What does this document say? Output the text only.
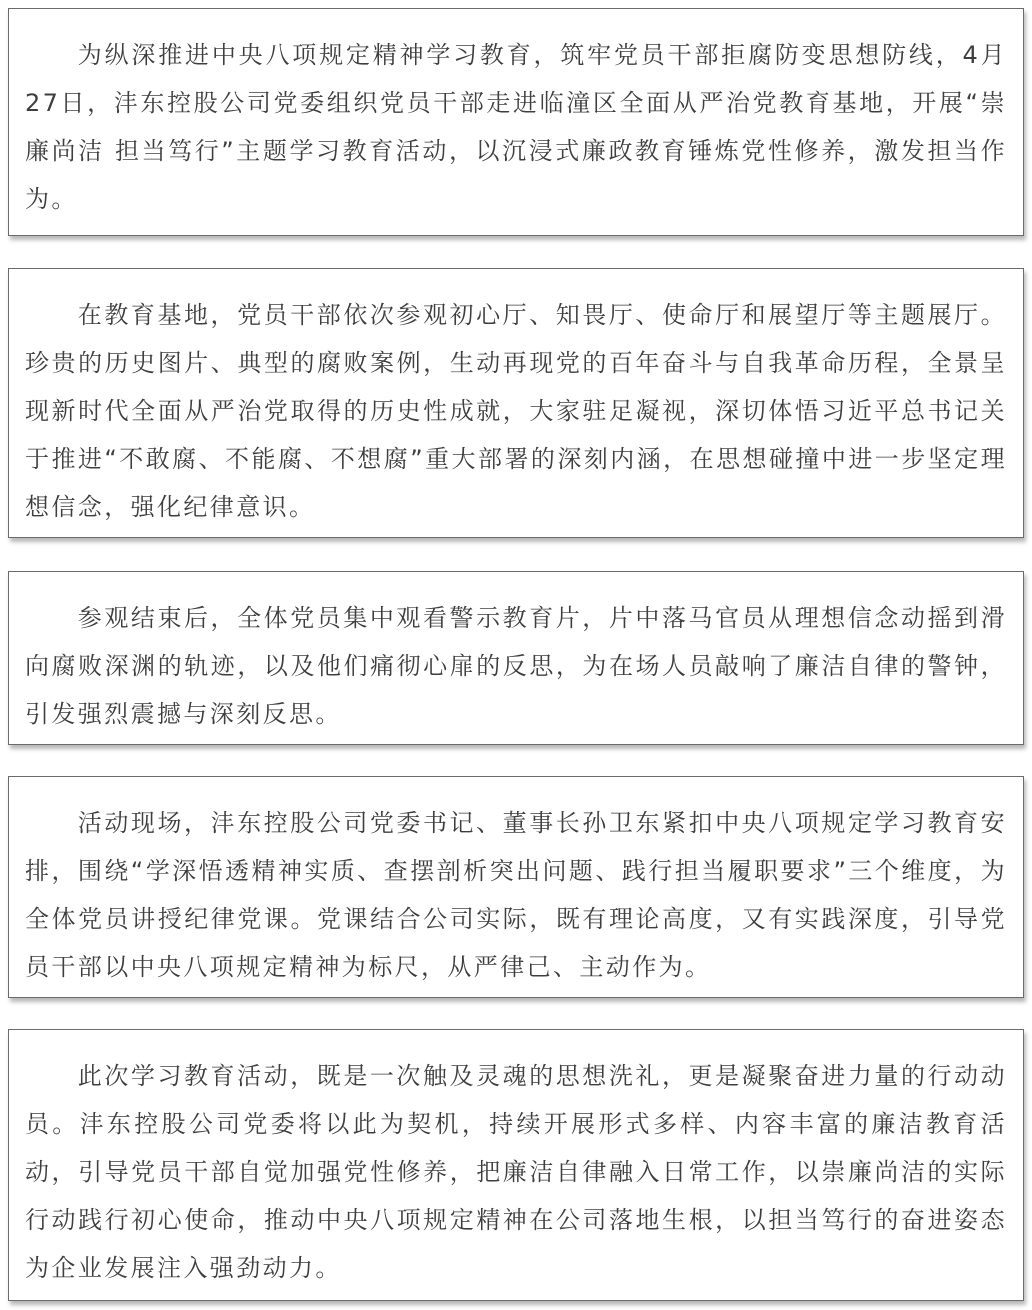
为纵深推进中央八项规定精神学习教育，筑牢党员干部拒腐防变思想防线，4月27日，沣东控股公司党委组织党员干部走进临潼区全面从严治党教育基地，开展“崇廉尚洁 担当笃行”主题学习教育活动，以沉浸式廉政教育锤炼党性修养，激发担当作为。

在教育基地，党员干部依次参观初心厅、知畏厅、使命厅和展望厅等主题展厅。珍贵的历史图片、典型的腐败案例，生动再现党的百年奋斗与自我革命历程，全景呈现新时代全面从严治党取得的历史性成就，大家驻足凝视，深切体悟习近平总书记关于推进“不敢腐、不能腐、不想腐”重大部署的深刻内涵，在思想碰撞中进一步坚定理想信念，强化纪律意识。

参观结束后，全体党员集中观看警示教育片，片中落马官员从理想信念动摇到滑向腐败深渊的轨迹，以及他们痛彻心扉的反思，为在场人员敲响了廉洁自律的警钟，引发强烈震撼与深刻反思。

活动现场，沣东控股公司党委书记、董事长孙卫东紧扣中央八项规定学习教育安排，围绕“学深悟透精神实质、查摆剖析突出问题、践行担当履职要求”三个维度，为全体党员讲授纪律党课。党课结合公司实际，既有理论高度，又有实践深度，引导党员干部以中央八项规定精神为标尺，从严律己、主动作为。

此次学习教育活动，既是一次触及灵魂的思想洗礼，更是凝聚奋进力量的行动动员。沣东控股公司党委将以此为契机，持续开展形式多样、内容丰富的廉洁教育活动，引导党员干部自觉加强党性修养，把廉洁自律融入日常工作，以崇廉尚洁的实际行动践行初心使命，推动中央八项规定精神在公司落地生根，以担当笃行的奋进姿态为企业发展注入强劲动力。
